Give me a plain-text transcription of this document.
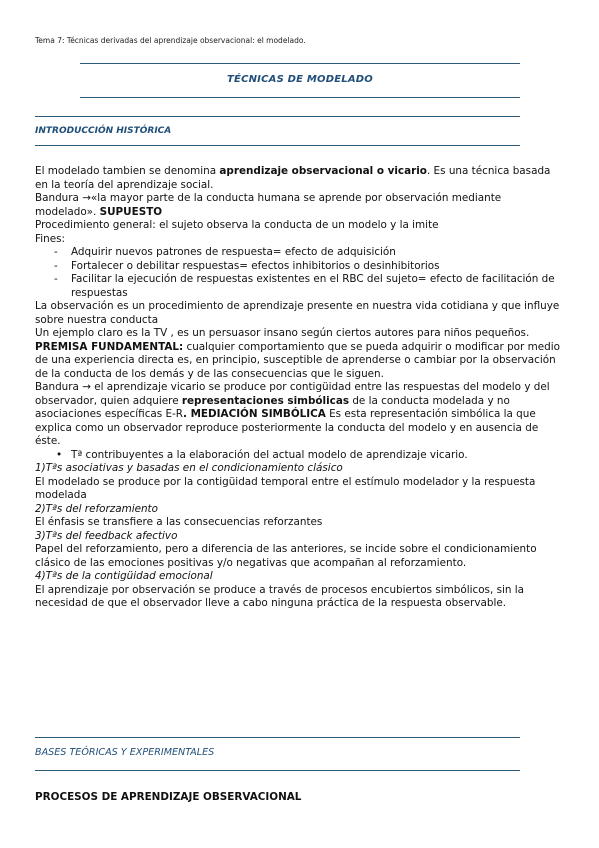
Tema 7: Técnicas derivadas del aprendizaje observacional: el modelado.
TÉCNICAS DE MODELADO
INTRODUCCIÓN HISTÓRICA

El modelado tambien se denomina aprendizaje observacional o vicario. Es una técnica basada en la teoría del aprendizaje social.

Bandura →«la mayor parte de la conducta humana se aprende por observación mediante modelado». SUPUESTO

Procedimiento general: el sujeto observa la conducta de un modelo y la imite

Fines:

- Adquirir nuevos patrones de respuesta= efecto de adquisición
- Fortalecer o debilitar respuestas= efectos inhibitorios o desinhibitorios
- Facilitar la ejecución de respuestas existentes en el RBC del sujeto= efecto de facilitación de respuestas

La observación es un procedimiento de aprendizaje presente en nuestra vida cotidiana y que influye sobre nuestra conducta

Un ejemplo claro es la TV , es un persuasor insano según ciertos autores para niños pequeños.

PREMISA FUNDAMENTAL: cualquier comportamiento que se pueda adquirir o modificar por medio de una experiencia directa es, en principio, susceptible de aprenderse o cambiar por la observación de la conducta de los demás y de las consecuencias que le siguen.

Bandura → el aprendizaje vicario se produce por contigüidad entre las respuestas del modelo y del observador, quien adquiere representaciones simbólicas de la conducta modelada y no asociaciones específicas E-R. MEDIACIÓN SIMBÓLICA Es esta representación simbólica la que explica como un observador reproduce posteriormente la conducta del modelo y en ausencia de éste.

• Tª contribuyentes a la elaboración del actual modelo de aprendizaje vicario.

1)Tªs asociativas y basadas en el condicionamiento clásico

El modelado se produce por la contigüidad temporal entre el estímulo modelador y la respuesta modelada

2)Tªs del reforzamiento

El énfasis se transfiere a las consecuencias reforzantes

3)Tªs del feedback afectivo

Papel del reforzamiento, pero a diferencia de las anteriores, se incide sobre el condicionamiento clásico de las emociones positivas y/o negativas que acompañan al reforzamiento.

4)Tªs de la contigüidad emocional

El aprendizaje por observación se produce a través de procesos encubiertos simbólicos, sin la necesidad de que el observador lleve a cabo ninguna práctica de la respuesta observable.

BASES TEÓRICAS Y EXPERIMENTALES
PROCESOS DE APRENDIZAJE OBSERVACIONAL
